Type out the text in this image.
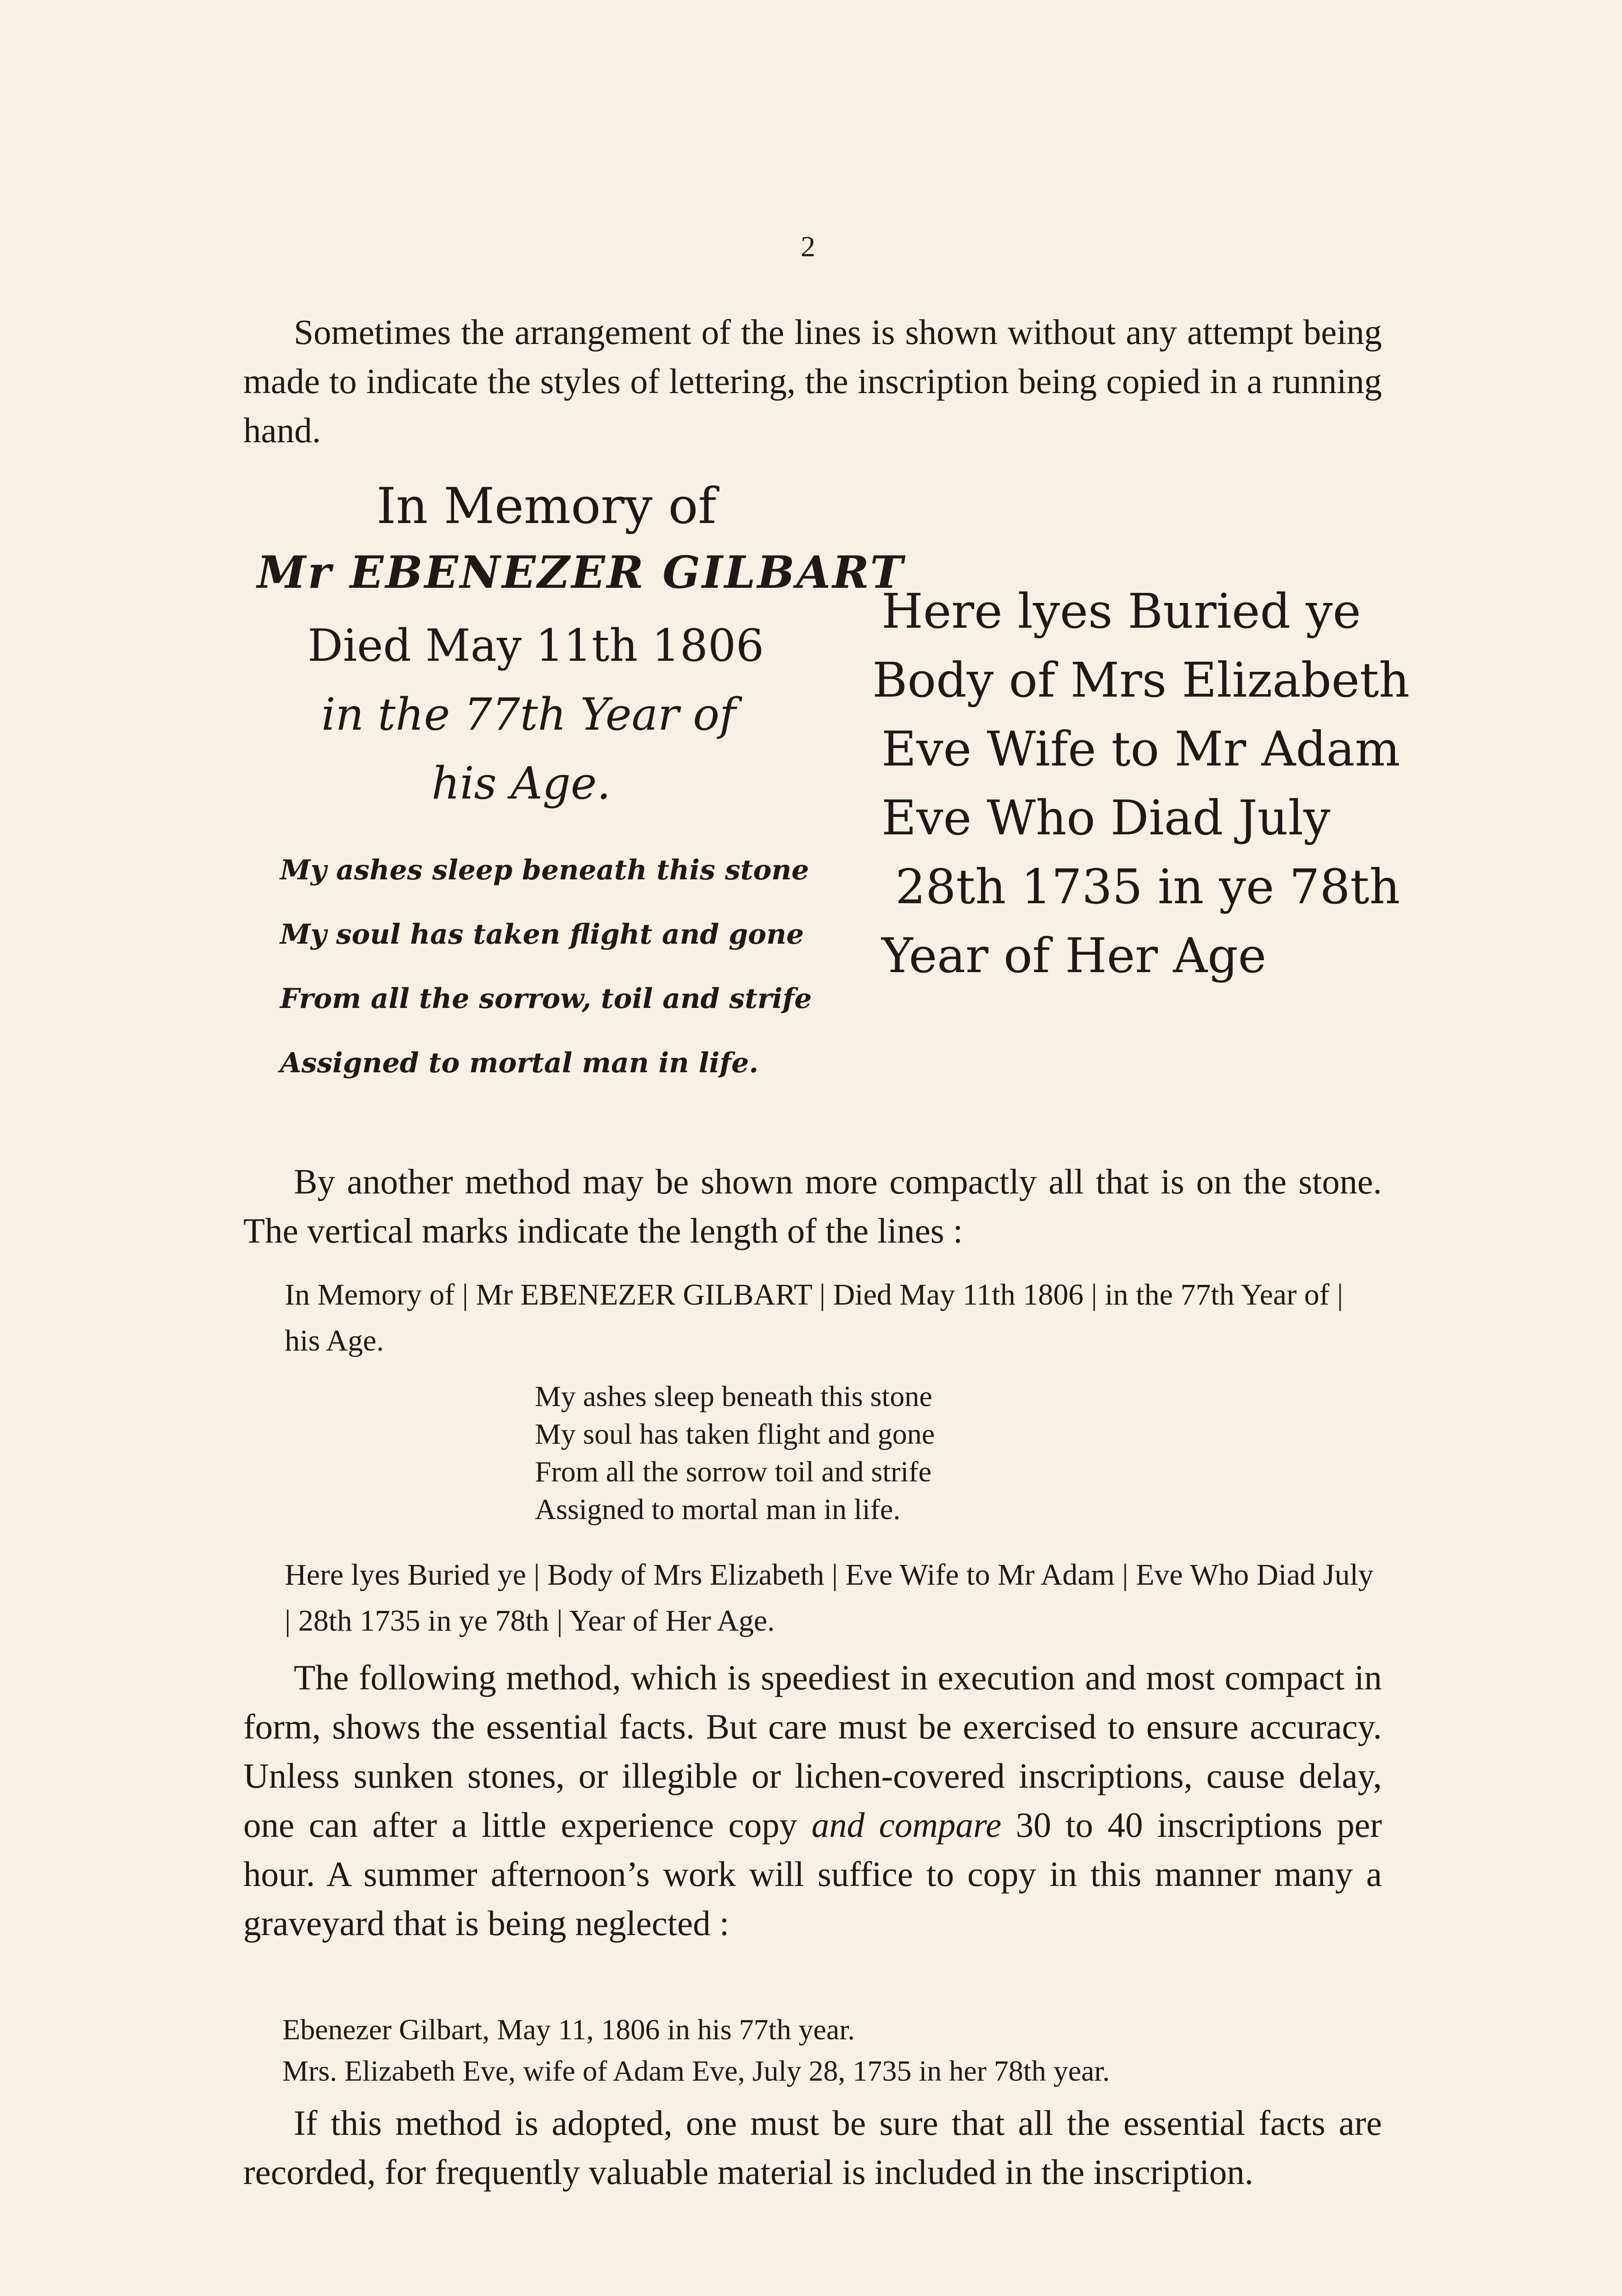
2
Sometimes the arrangement of the lines is shown without any attempt being made to indicate the styles of lettering, the inscription being copied in a running hand.
In Memory of
Mr EBENEZER GILBART
Died May 11th 1806
in the 77th Year of
his Age.
My ashes sleep beneath this stone
My soul has taken flight and gone
From all the sorrow, toil and strife
Assigned to mortal man in life.
Here lyes Buried ye
Body of Mrs Elizabeth
Eve Wife to Mr Adam
Eve Who Diad July
28th 1735 in ye 78th
Year of Her Age
By another method may be shown more compactly all that is on the stone. The vertical marks indicate the length of the lines :
In Memory of | Mr EBENEZER GILBART | Died May 11th 1806 | in the 77th Year of | his Age.
My ashes sleep beneath this stone
My soul has taken flight and gone
From all the sorrow toil and strife
Assigned to mortal man in life.
Here lyes Buried ye | Body of Mrs Elizabeth | Eve Wife to Mr Adam | Eve Who Diad July | 28th 1735 in ye 78th | Year of Her Age.
The following method, which is speediest in execution and most compact in form, shows the essential facts. But care must be exercised to ensure accuracy. Unless sunken stones, or illegible or lichen-covered inscriptions, cause delay, one can after a little experience copy and compare 30 to 40 inscriptions per hour. A summer afternoon’s work will suffice to copy in this manner many a graveyard that is being neglected :
Ebenezer Gilbart, May 11, 1806 in his 77th year.
Mrs. Elizabeth Eve, wife of Adam Eve, July 28, 1735 in her 78th year.
If this method is adopted, one must be sure that all the essential facts are recorded, for frequently valuable material is included in the inscription.
